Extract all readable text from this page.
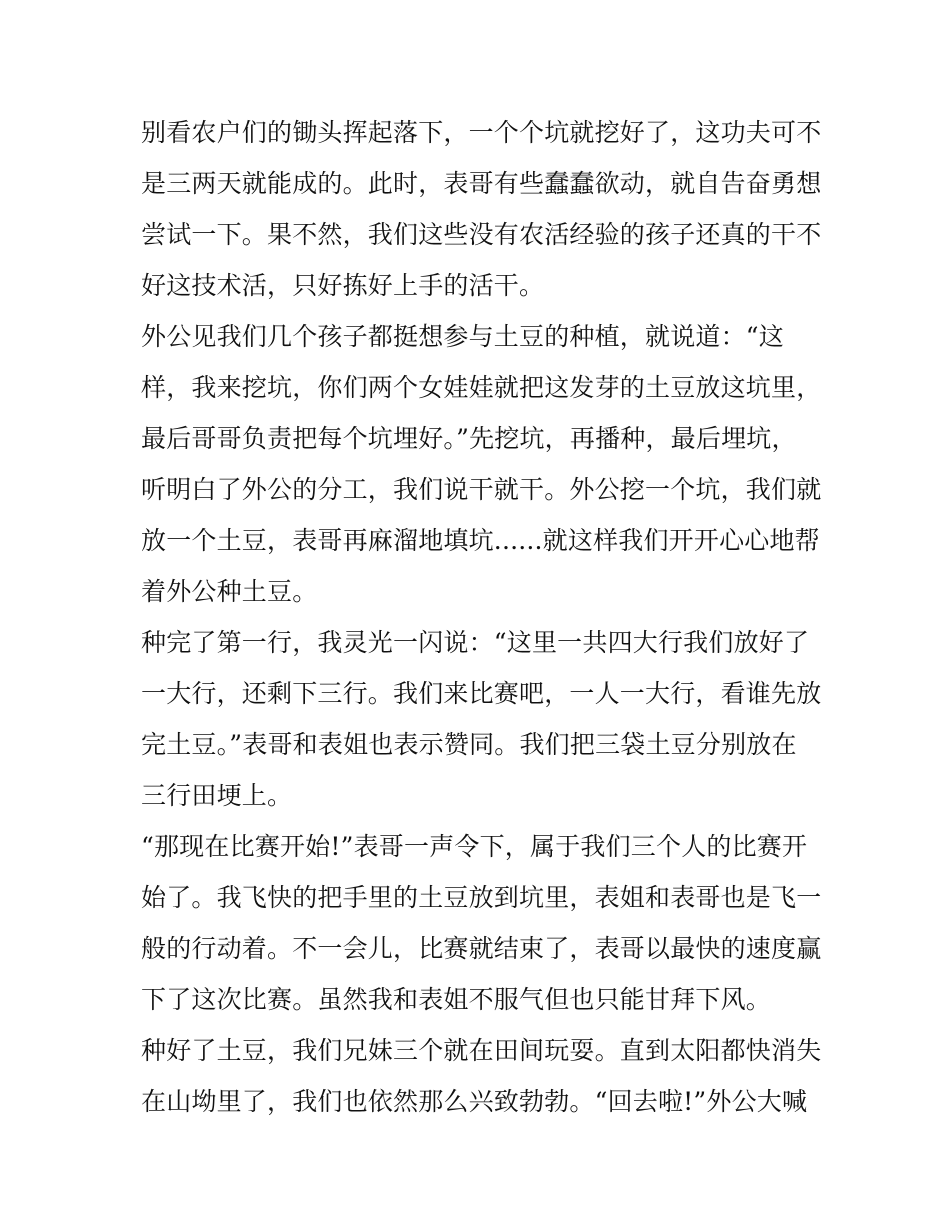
别看农户们的锄头挥起落下，一个个坑就挖好了，这功夫可不
是三两天就能成的。此时，表哥有些蠢蠢欲动，就自告奋勇想
尝试一下。果不然，我们这些没有农活经验的孩子还真的干不
好这技术活，只好拣好上手的活干。
外公见我们几个孩子都挺想参与土豆的种植，就说道：“这
样，我来挖坑，你们两个女娃娃就把这发芽的土豆放这坑里，
最后哥哥负责把每个坑埋好。”先挖坑，再播种，最后埋坑，
听明白了外公的分工，我们说干就干。外公挖一个坑，我们就
放一个土豆，表哥再麻溜地填坑......就这样我们开开心心地帮
着外公种土豆。
种完了第一行，我灵光一闪说：“这里一共四大行我们放好了
一大行，还剩下三行。我们来比赛吧，一人一大行，看谁先放
完土豆。”表哥和表姐也表示赞同。我们把三袋土豆分别放在
三行田埂上。
“那现在比赛开始!”表哥一声令下，属于我们三个人的比赛开
始了。我飞快的把手里的土豆放到坑里，表姐和表哥也是飞一
般的行动着。不一会儿，比赛就结束了，表哥以最快的速度赢
下了这次比赛。虽然我和表姐不服气但也只能甘拜下风。
种好了土豆，我们兄妹三个就在田间玩耍。直到太阳都快消失
在山坳里了，我们也依然那么兴致勃勃。“回去啦!”外公大喊
